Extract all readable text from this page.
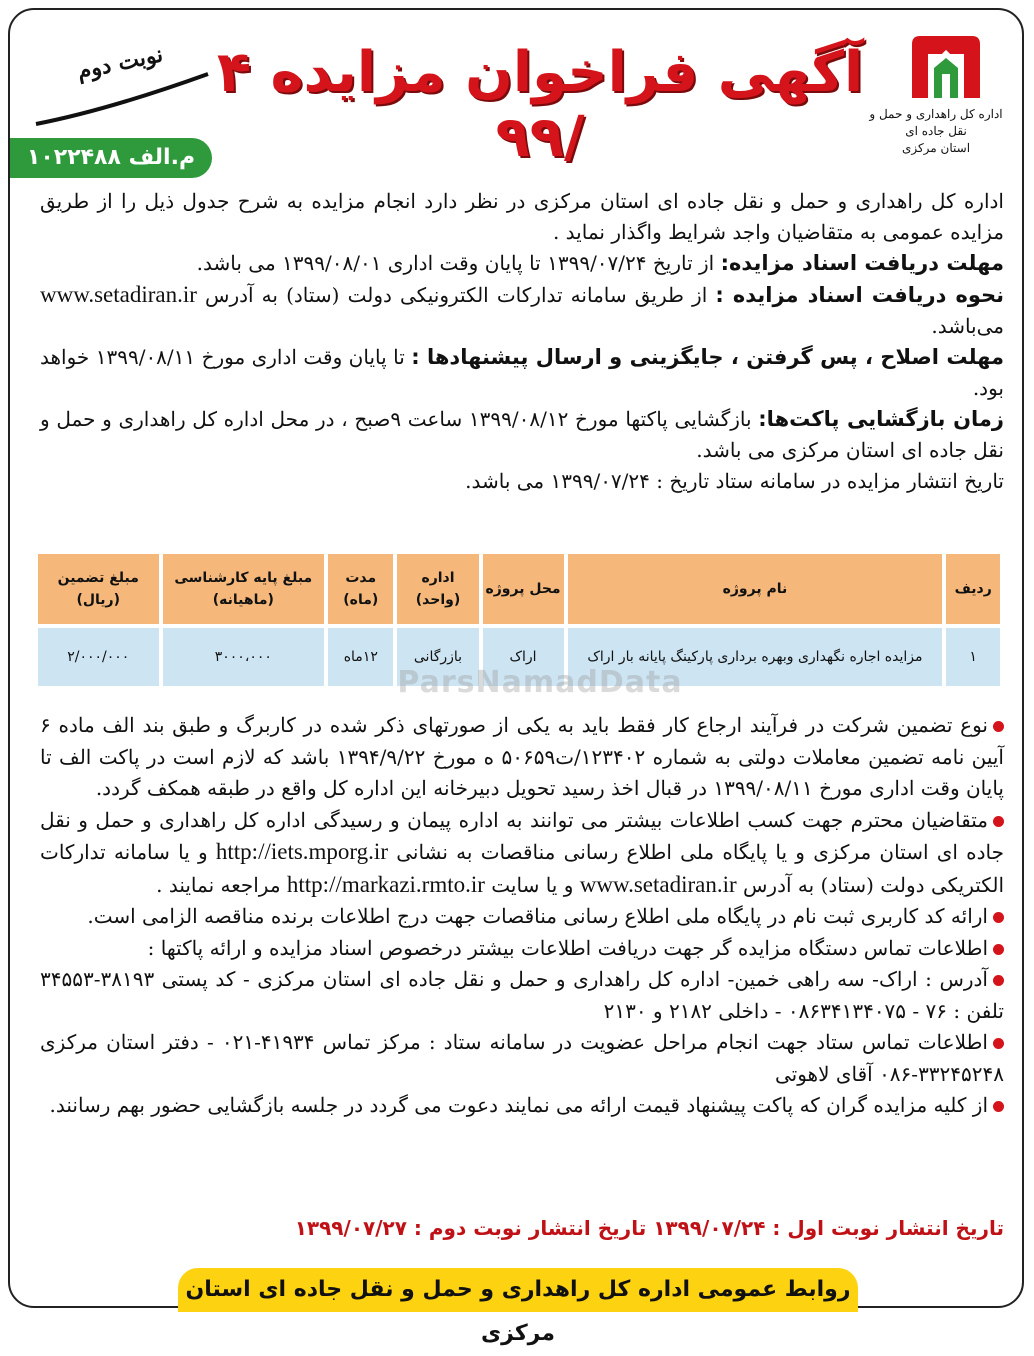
اداره کل راهداری و حمل و نقل جاده ای
استان مرکزی
آگهی فراخوان مزایده ۴ /۹۹
نوبت دوم
م.الف ۱۰۲۲۴۸۸

اداره کل راهداری و حمل و نقل جاده ای استان مرکزی در نظر دارد انجام مزایده به شرح جدول ذیل را از طریق مزایده عمومی به متقاضیان واجد شرایط واگذار نماید .

مهلت دریافت اسناد مزایده: از تاریخ ۱۳۹۹/۰۷/۲۴ تا پایان وقت اداری ۱۳۹۹/۰۸/۰۱ می باشد.

نحوه دریافت اسناد مزایده : از طریق سامانه تدارکات الکترونیکی دولت (ستاد) به آدرس www.setadiran.ir می‌باشد.

مهلت اصلاح ، پس گرفتن ، جایگزینی و ارسال پیشنهادها : تا پایان وقت اداری مورخ ۱۳۹۹/۰۸/۱۱ خواهد بود.

زمان بازگشایی پاکت‌ها: بازگشایی پاکتها مورخ ۱۳۹۹/۰۸/۱۲ ساعت ۹صبح ، در محل اداره کل راهداری و حمل و نقل جاده ای استان مرکزی می باشد.

تاریخ انتشار مزایده در سامانه ستاد تاریخ : ۱۳۹۹/۰۷/۲۴ می باشد.

ردیف	نام پروژه	محل پروژه	اداره (واحد)	مدت (ماه)	مبلغ پایه کارشناسی (ماهیانه)	مبلغ تضمین (ریال)
۱	مزایده اجاره نگهداری وبهره برداری پارکینگ پایانه بار اراک	اراک	بازرگانی	۱۲ماه	۳۰۰۰،۰۰۰	۲/۰۰۰/۰۰۰
ParsNamadData

نوع تضمین شرکت در فرآیند ارجاع کار فقط باید به یکی از صورتهای ذکر شده در کاربرگ و طبق بند الف ماده ۶ آیین نامه تضمین معاملات دولتی به شماره ۱۲۳۴۰۲/ت۵۰۶۵۹ ه مورخ ۱۳۹۴/۹/۲۲ باشد که لازم است در پاکت الف تا پایان وقت اداری مورخ ۱۳۹۹/۰۸/۱۱ در قبال اخذ رسید تحویل دبیرخانه این اداره کل واقع در طبقه همکف گردد.

متقاضیان محترم جهت کسب اطلاعات بیشتر می توانند به اداره پیمان و رسیدگی اداره کل راهداری و حمل و نقل جاده ای استان مرکزی و یا پایگاه ملی اطلاع رسانی مناقصات به نشانی http://iets.mporg.ir و یا سامانه تدارکات الکتریکی دولت (ستاد) به آدرس www.setadiran.ir و یا سایت http://markazi.rmto.ir مراجعه نمایند .

ارائه کد کاربری ثبت نام در پایگاه ملی اطلاع رسانی مناقصات جهت درج اطلاعات برنده مناقصه الزامی است.

اطلاعات تماس دستگاه مزایده گر جهت دریافت اطلاعات بیشتر درخصوص اسناد مزایده و ارائه پاکتها :

آدرس : اراک- سه راهی خمین- اداره کل راهداری و حمل و نقل جاده ای استان مرکزی - کد پستی ۳۸۱۹۳-۳۴۵۵۳ تلفن : ۷۶ - ۰۸۶۳۴۱۳۴۰۷۵ - داخلی ۲۱۸۲ و ۲۱۳۰

اطلاعات تماس ستاد جهت انجام مراحل عضویت در سامانه ستاد : مرکز تماس ۴۱۹۳۴-۰۲۱ - دفتر استان مرکزی ۳۳۲۴۵۲۴۸-۰۸۶ آقای لاهوتی

از کلیه مزایده گران که پاکت پیشنهاد قیمت ارائه می نمایند دعوت می گردد در جلسه بازگشایی حضور بهم رسانند.

تاریخ انتشار نوبت اول : ۱۳۹۹/۰۷/۲۴ تاریخ انتشار نوبت دوم : ۱۳۹۹/۰۷/۲۷
روابط عمومی اداره کل راهداری و حمل و نقل جاده ای استان مرکزی
